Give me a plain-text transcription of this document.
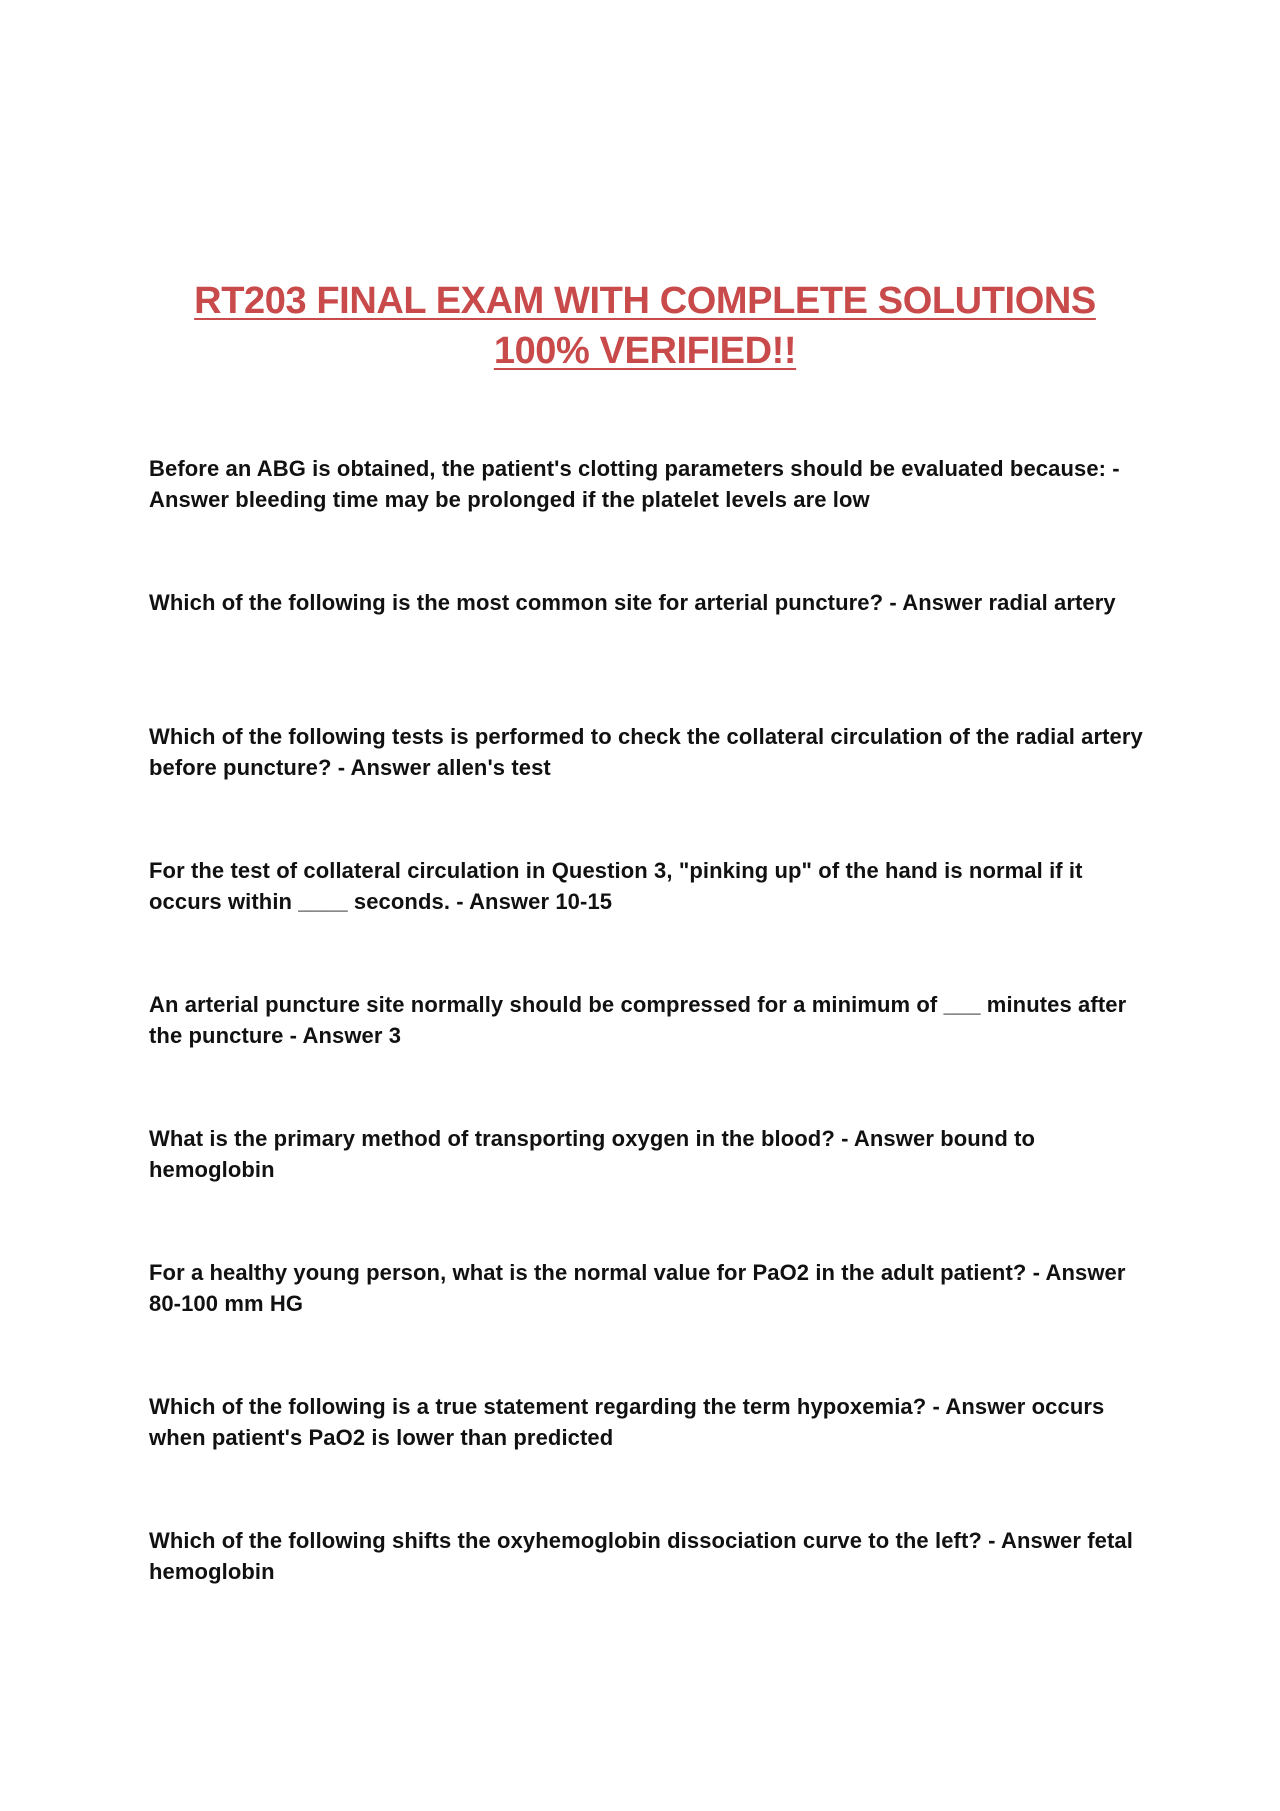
RT203 FINAL EXAM WITH COMPLETE SOLUTIONS
100% VERIFIED!!

Before an ABG is obtained, the patient's clotting parameters should be evaluated because: - Answer bleeding time may be prolonged if the platelet levels are low

Which of the following is the most common site for arterial puncture? - Answer radial artery

Which of the following tests is performed to check the collateral circulation of the radial artery before puncture? - Answer allen's test

For the test of collateral circulation in Question 3, "pinking up" of the hand is normal if it occurs within ____ seconds. - Answer 10-15

An arterial puncture site normally should be compressed for a minimum of ___ minutes after the puncture - Answer 3

What is the primary method of transporting oxygen in the blood? - Answer bound to hemoglobin

For a healthy young person, what is the normal value for PaO2 in the adult patient? - Answer 80-100 mm HG

Which of the following is a true statement regarding the term hypoxemia? - Answer occurs when patient's PaO2 is lower than predicted

Which of the following shifts the oxyhemoglobin dissociation curve to the left? - Answer fetal hemoglobin
